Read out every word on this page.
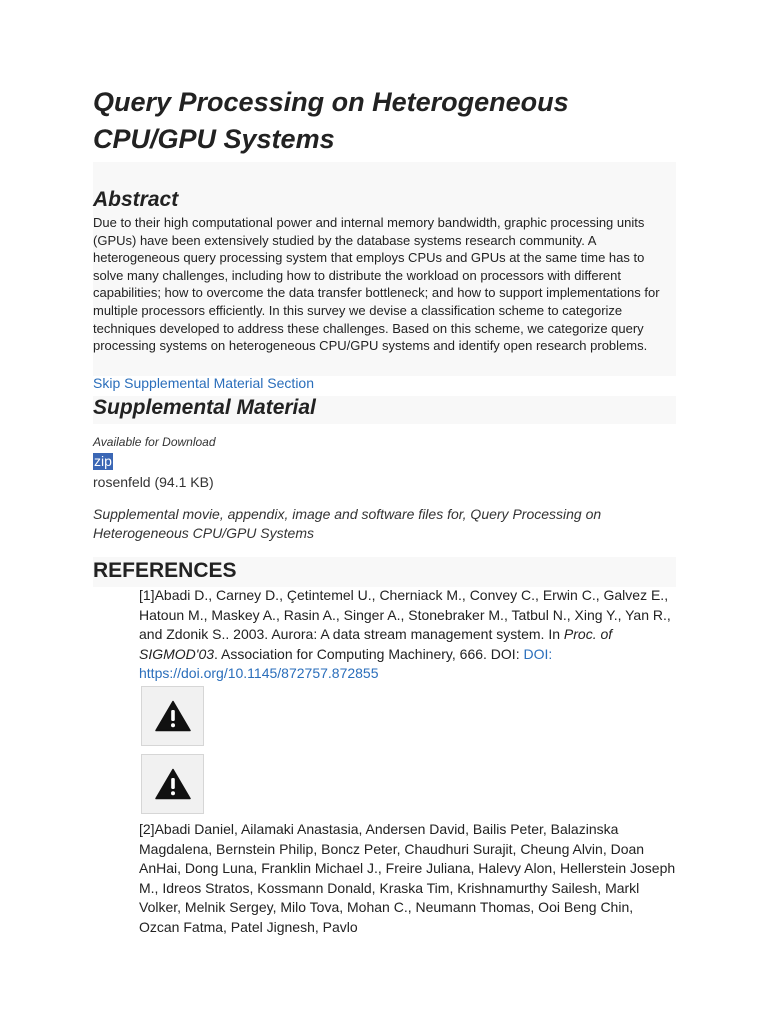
Query Processing on Heterogeneous CPU/GPU Systems
Abstract

Due to their high computational power and internal memory bandwidth, graphic processing units (GPUs) have been extensively studied by the database systems research community. A heterogeneous query processing system that employs CPUs and GPUs at the same time has to solve many challenges, including how to distribute the workload on processors with different capabilities; how to overcome the data transfer bottleneck; and how to support implementations for multiple processors efficiently. In this survey we devise a classification scheme to categorize techniques developed to address these challenges. Based on this scheme, we categorize query processing systems on heterogeneous CPU/GPU systems and identify open research problems.

Skip Supplemental Material Section
Supplemental Material
Available for Download
zip
rosenfeld (94.1 KB)

Supplemental movie, appendix, image and software files for, Query Processing on Heterogeneous CPU/GPU Systems

REFERENCES

[1]Abadi D., Carney D., Çetintemel U., Cherniack M., Convey C., Erwin C., Galvez E., Hatoun M., Maskey A., Rasin A., Singer A., Stonebraker M., Tatbul N., Xing Y., Yan R., and Zdonik S.. 2003. Aurora: A data stream management system. In Proc. of SIGMOD'03. Association for Computing Machinery, 666. DOI: DOI: https://doi.org/10.1145/872757.872855

[2]Abadi Daniel, Ailamaki Anastasia, Andersen David, Bailis Peter, Balazinska Magdalena, Bernstein Philip, Boncz Peter, Chaudhuri Surajit, Cheung Alvin, Doan AnHai, Dong Luna, Franklin Michael J., Freire Juliana, Halevy Alon, Hellerstein Joseph M., Idreos Stratos, Kossmann Donald, Kraska Tim, Krishnamurthy Sailesh, Markl Volker, Melnik Sergey, Milo Tova, Mohan C., Neumann Thomas, Ooi Beng Chin, Ozcan Fatma, Patel Jignesh, Pavlo
